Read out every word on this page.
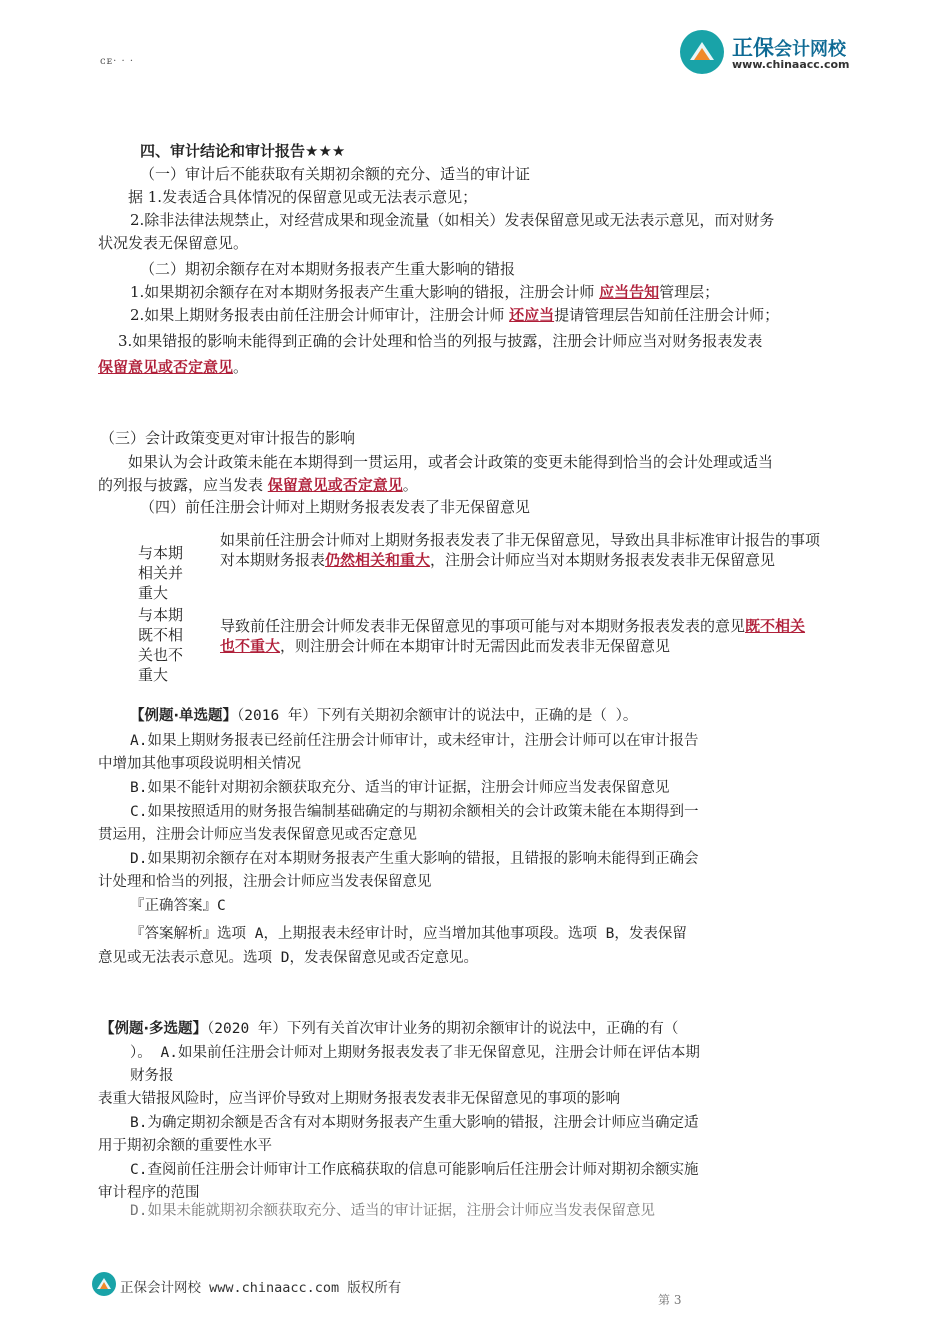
ᴄᴇ· · ·
正保会计网校
www.chinaacc.com
四、审计结论和审计报告★★★
（一）审计后不能获取有关期初余额的充分、适当的审计证
据 1.发表适合具体情况的保留意见或无法表示意见；
2.除非法律法规禁止，对经营成果和现金流量（如相关）发表保留意见或无法表示意见，而对财务
状况发表无保留意见。
（二）期初余额存在对本期财务报表产生重大影响的错报
1.如果期初余额存在对本期财务报表产生重大影响的错报，注册会计师 应当告知管理层；
2.如果上期财务报表由前任注册会计师审计，注册会计师 还应当提请管理层告知前任注册会计师；
3.如果错报的影响未能得到正确的会计处理和恰当的列报与披露，注册会计师应当对财务报表发表
保留意见或否定意见。
（三）会计政策变更对审计报告的影响
如果认为会计政策未能在本期得到一贯运用，或者会计政策的变更未能得到恰当的会计处理或适当
的列报与披露，应当发表 保留意见或否定意见。
（四）前任注册会计师对上期财务报表发表了非无保留意见
与本期相关并重大
如果前任注册会计师对上期财务报表发表了非无保留意见，导致出具非标准审计报告的事项对本期财务报表仍然相关和重大，注册会计师应当对本期财务报表发表非无保留意见
与本期既不相关也不重大
导致前任注册会计师发表非无保留意见的事项可能与对本期财务报表发表的意见既不相关也不重大，则注册会计师在本期审计时无需因此而发表非无保留意见
【例题·单选题】（2016 年）下列有关期初余额审计的说法中，正确的是（ ）。
A.如果上期财务报表已经前任注册会计师审计，或未经审计，注册会计师可以在审计报告
中增加其他事项段说明相关情况
B.如果不能针对期初余额获取充分、适当的审计证据，注册会计师应当发表保留意见
C.如果按照适用的财务报告编制基础确定的与期初余额相关的会计政策未能在本期得到一
贯运用，注册会计师应当发表保留意见或否定意见
D.如果期初余额存在对本期财务报表产生重大影响的错报，且错报的影响未能得到正确会
计处理和恰当的列报，注册会计师应当发表保留意见
『正确答案』C
『答案解析』选项 A，上期报表未经审计时，应当增加其他事项段。选项 B，发表保留
意见或无法表示意见。选项 D，发表保留意见或否定意见。
【例题·多选题】（2020 年）下列有关首次审计业务的期初余额审计的说法中，正确的有（
）。 A.如果前任注册会计师对上期财务报表发表了非无保留意见，注册会计师在评估本期
财务报
表重大错报风险时，应当评价导致对上期财务报表发表非无保留意见的事项的影响
B.为确定期初余额是否含有对本期财务报表产生重大影响的错报，注册会计师应当确定适
用于期初余额的重要性水平
C.查阅前任注册会计师审计工作底稿获取的信息可能影响后任注册会计师对期初余额实施
审计程序的范围
D.如果未能就期初余额获取充分、适当的审计证据，注册会计师应当发表保留意见
正保会计网校 www.chinaacc.com 版权所有
第 3
